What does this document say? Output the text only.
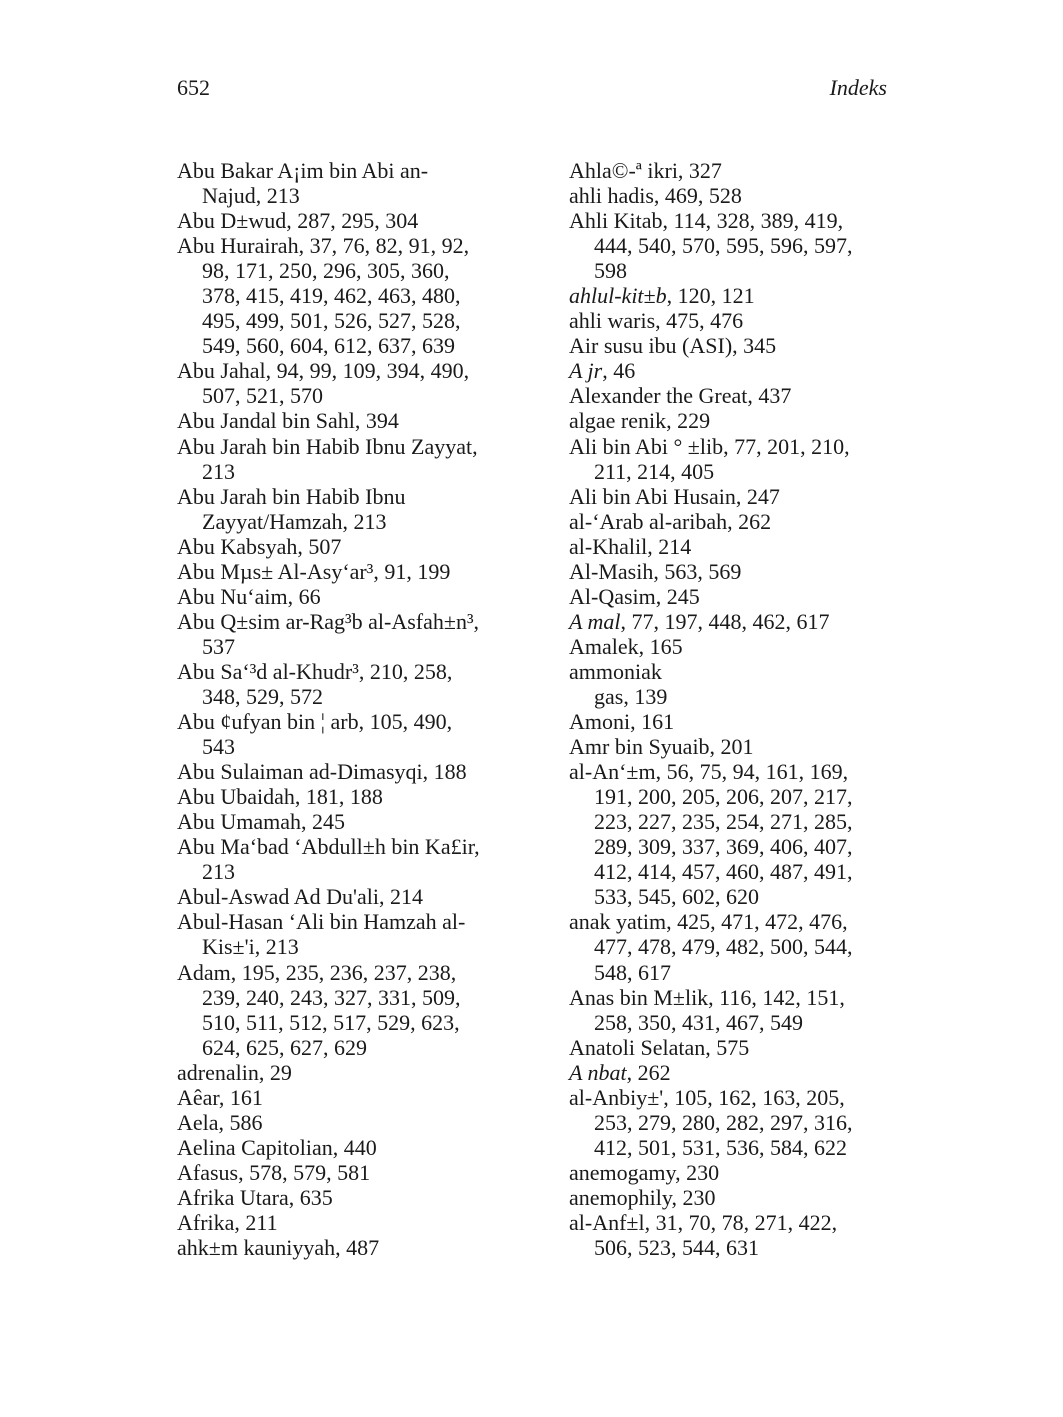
652	Indeks
Abu Bakar A¡im bin Abi an-
Najud, 213
Abu D±wud, 287, 295, 304
Abu Hurairah, 37, 76, 82, 91, 92,
98, 171, 250, 296, 305, 360,
378, 415, 419, 462, 463, 480,
495, 499, 501, 526, 527, 528,
549, 560, 604, 612, 637, 639
Abu Jahal, 94, 99, 109, 394, 490,
507, 521, 570
Abu Jandal bin Sahl, 394
Abu Jarah bin Habib Ibnu Zayyat,
213
Abu Jarah bin Habib Ibnu
Zayyat/Hamzah, 213
Abu Kabsyah, 507
Abu Mµs± Al-Asy‘ar³, 91, 199
Abu Nu‘aim, 66
Abu Q±sim ar-Rag³b al-Asfah±n³,
537
Abu Sa‘³d al-Khudr³, 210, 258,
348, 529, 572
Abu ¢ufyan bin ¦ arb, 105, 490,
543
Abu Sulaiman ad-Dimasyqi, 188
Abu Ubaidah, 181, 188
Abu Umamah, 245
Abu Ma‘bad ‘Abdull±h bin Ka£ir,
213
Abul-Aswad Ad Du'ali, 214
Abul-Hasan ‘Ali bin Hamzah al-
Kis±'i, 213
Adam, 195, 235, 236, 237, 238,
239, 240, 243, 327, 331, 509,
510, 511, 512, 517, 529, 623,
624, 625, 627, 629
adrenalin, 29
Aêar, 161
Aela, 586
Aelina Capitolian, 440
Afasus, 578, 579, 581
Afrika Utara, 635
Afrika, 211
ahk±m kauniyyah, 487
Ahla©-ª ikri, 327
ahli hadis, 469, 528
Ahli Kitab, 114, 328, 389, 419,
444, 540, 570, 595, 596, 597,
598
ahlul-kit±b, 120, 121
ahli waris, 475, 476
Air susu ibu (ASI), 345
A jr, 46
Alexander the Great, 437
algae renik, 229
Ali bin Abi ° ±lib, 77, 201, 210,
211, 214, 405
Ali bin Abi Husain, 247
al-‘Arab al-aribah, 262
al-Khalil, 214
Al-Masih, 563, 569
Al-Qasim, 245
A mal, 77, 197, 448, 462, 617
Amalek, 165
ammoniak
gas, 139
Amoni, 161
Amr bin Syuaib, 201
al-An‘±m, 56, 75, 94, 161, 169,
191, 200, 205, 206, 207, 217,
223, 227, 235, 254, 271, 285,
289, 309, 337, 369, 406, 407,
412, 414, 457, 460, 487, 491,
533, 545, 602, 620
anak yatim, 425, 471, 472, 476,
477, 478, 479, 482, 500, 544,
548, 617
Anas bin M±lik, 116, 142, 151,
258, 350, 431, 467, 549
Anatoli Selatan, 575
A nbat, 262
al-Anbiy±', 105, 162, 163, 205,
253, 279, 280, 282, 297, 316,
412, 501, 531, 536, 584, 622
anemogamy, 230
anemophily, 230
al-Anf±l, 31, 70, 78, 271, 422,
506, 523, 544, 631
